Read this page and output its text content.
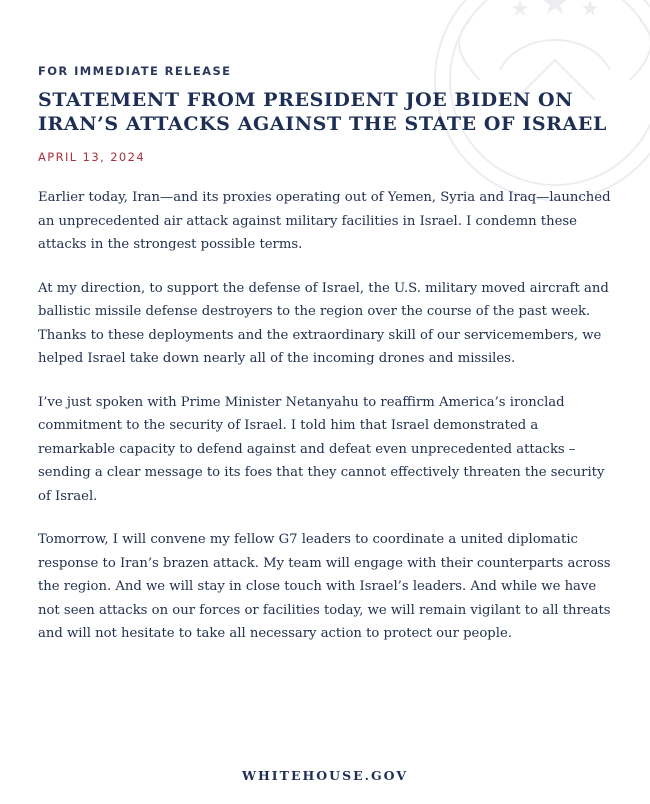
FOR IMMEDIATE RELEASE
STATEMENT FROM PRESIDENT JOE BIDEN ON IRAN’S ATTACKS AGAINST THE STATE OF ISRAEL
APRIL 13, 2024

Earlier today, Iran—and its proxies operating out of Yemen, Syria and Iraq—launched an unprecedented air attack against military facilities in Israel. I condemn these attacks in the strongest possible terms.

At my direction, to support the defense of Israel, the U.S. military moved aircraft and ballistic missile defense destroyers to the region over the course of the past week. Thanks to these deployments and the extraordinary skill of our servicemembers, we helped Israel take down nearly all of the incoming drones and missiles.

I’ve just spoken with Prime Minister Netanyahu to reaffirm America’s ironclad commitment to the security of Israel. I told him that Israel demonstrated a remarkable capacity to defend against and defeat even unprecedented attacks – sending a clear message to its foes that they cannot effectively threaten the security of Israel.

Tomorrow, I will convene my fellow G7 leaders to coordinate a united diplomatic response to Iran’s brazen attack. My team will engage with their counterparts across the region. And we will stay in close touch with Israel’s leaders. And while we have not seen attacks on our forces or facilities today, we will remain vigilant to all threats and will not hesitate to take all necessary action to protect our people.

WHITEHOUSE.GOV
